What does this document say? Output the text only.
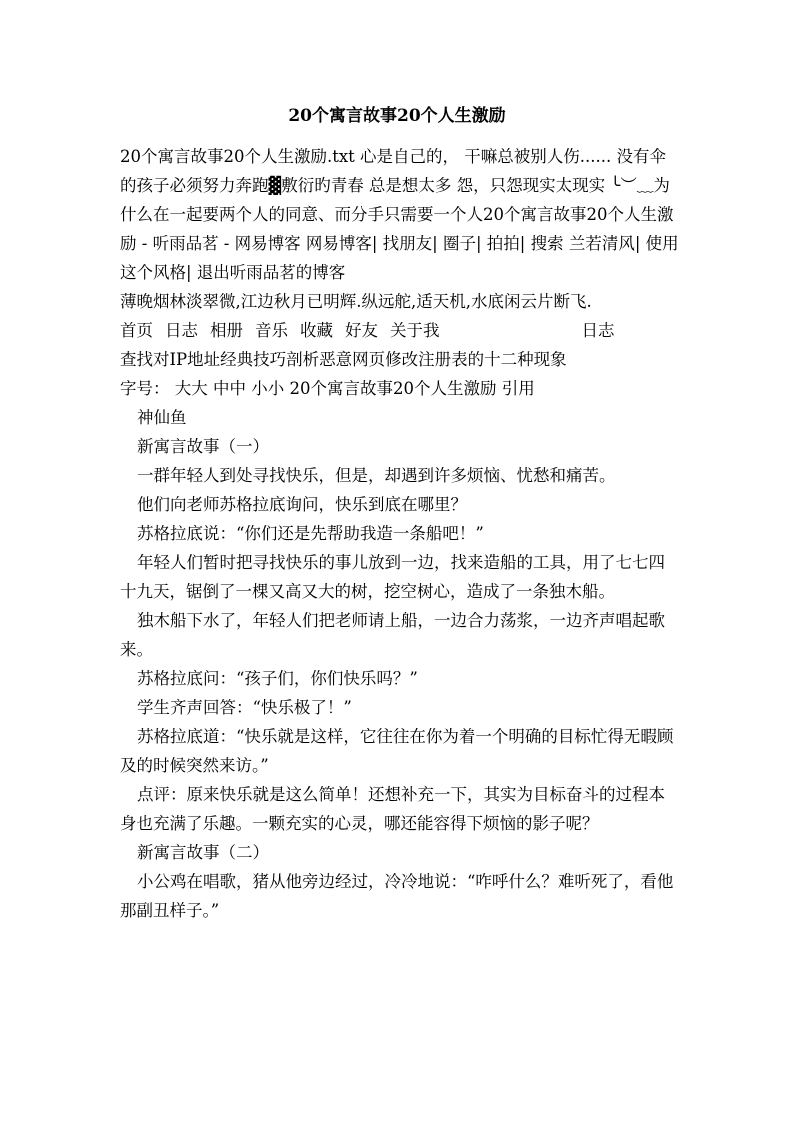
20个寓言故事20个人生激励

20个寓言故事20个人生激励.txt 心是自己的， 干嘛总被别人伤...... 没有伞的孩子必须努力奔跑▓敷衍旳青春 总是想太多 怨，只怨现实太现实 ╰︶﹏为什么在一起要两个人的同意、而分手只需要一个人20个寓言故事20个人生激励 - 听雨品茗 - 网易博客 网易博客| 找朋友| 圈子| 拍拍| 搜索 兰若清风| 使用这个风格| 退出听雨品茗的博客

薄晚烟林淡翠微,江边秋月已明辉.纵远舵,适天机,水底闲云片断飞.

首页 日志 相册 音乐 收藏 好友 关于我	日志

查找对IP地址经典技巧剖析恶意网页修改注册表的十二种现象

字号： 大大 中中 小小 20个寓言故事20个人生激励 引用

神仙鱼

新寓言故事（一）

一群年轻人到处寻找快乐，但是，却遇到许多烦恼、忧愁和痛苦。

他们向老师苏格拉底询问，快乐到底在哪里？

苏格拉底说：“你们还是先帮助我造一条船吧！”

年轻人们暂时把寻找快乐的事儿放到一边，找来造船的工具，用了七七四十九天，锯倒了一棵又高又大的树，挖空树心，造成了一条独木船。

独木船下水了，年轻人们把老师请上船，一边合力荡浆，一边齐声唱起歌来。

苏格拉底问：“孩子们，你们快乐吗？”

学生齐声回答：“快乐极了！”

苏格拉底道：“快乐就是这样，它往往在你为着一个明确的目标忙得无暇顾及的时候突然来访。”

点评：原来快乐就是这么简单！还想补充一下，其实为目标奋斗的过程本身也充满了乐趣。一颗充实的心灵，哪还能容得下烦恼的影子呢？

新寓言故事（二）

小公鸡在唱歌，猪从他旁边经过，冷冷地说：“咋呼什么？难听死了，看他那副丑样子。”
